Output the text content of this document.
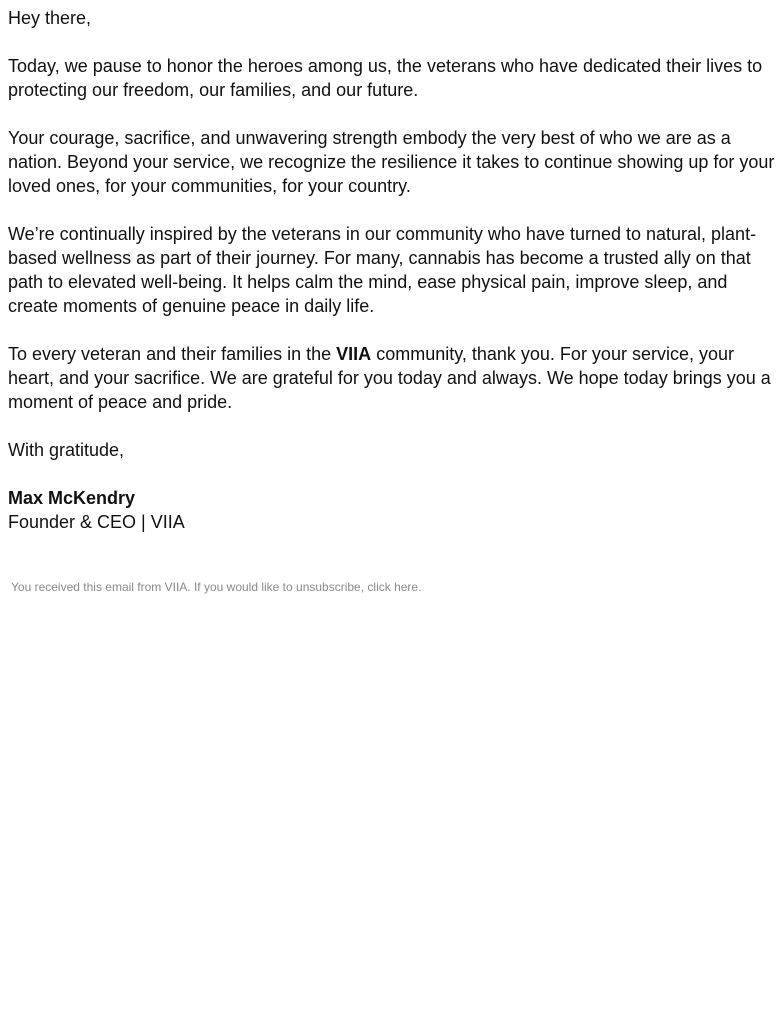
Hey there,

Today, we pause to honor the heroes among us, the veterans who have dedicated their lives to protecting our freedom, our families, and our future.

Your courage, sacrifice, and unwavering strength embody the very best of who we are as a nation. Beyond your service, we recognize the resilience it takes to continue showing up for your loved ones, for your communities, for your country.

We’re continually inspired by the veterans in our community who have turned to natural, plant-based wellness as part of their journey. For many, cannabis has become a trusted ally on that path to elevated well-being. It helps calm the mind, ease physical pain, improve sleep, and create moments of genuine peace in daily life.

To every veteran and their families in the VIIA community, thank you. For your service, your heart, and your sacrifice. We are grateful for you today and always. We hope today brings you a moment of peace and pride.

With gratitude,

Max McKendry

Founder & CEO | VIIA

You received this email from VIIA. If you would like to unsubscribe, click here.
